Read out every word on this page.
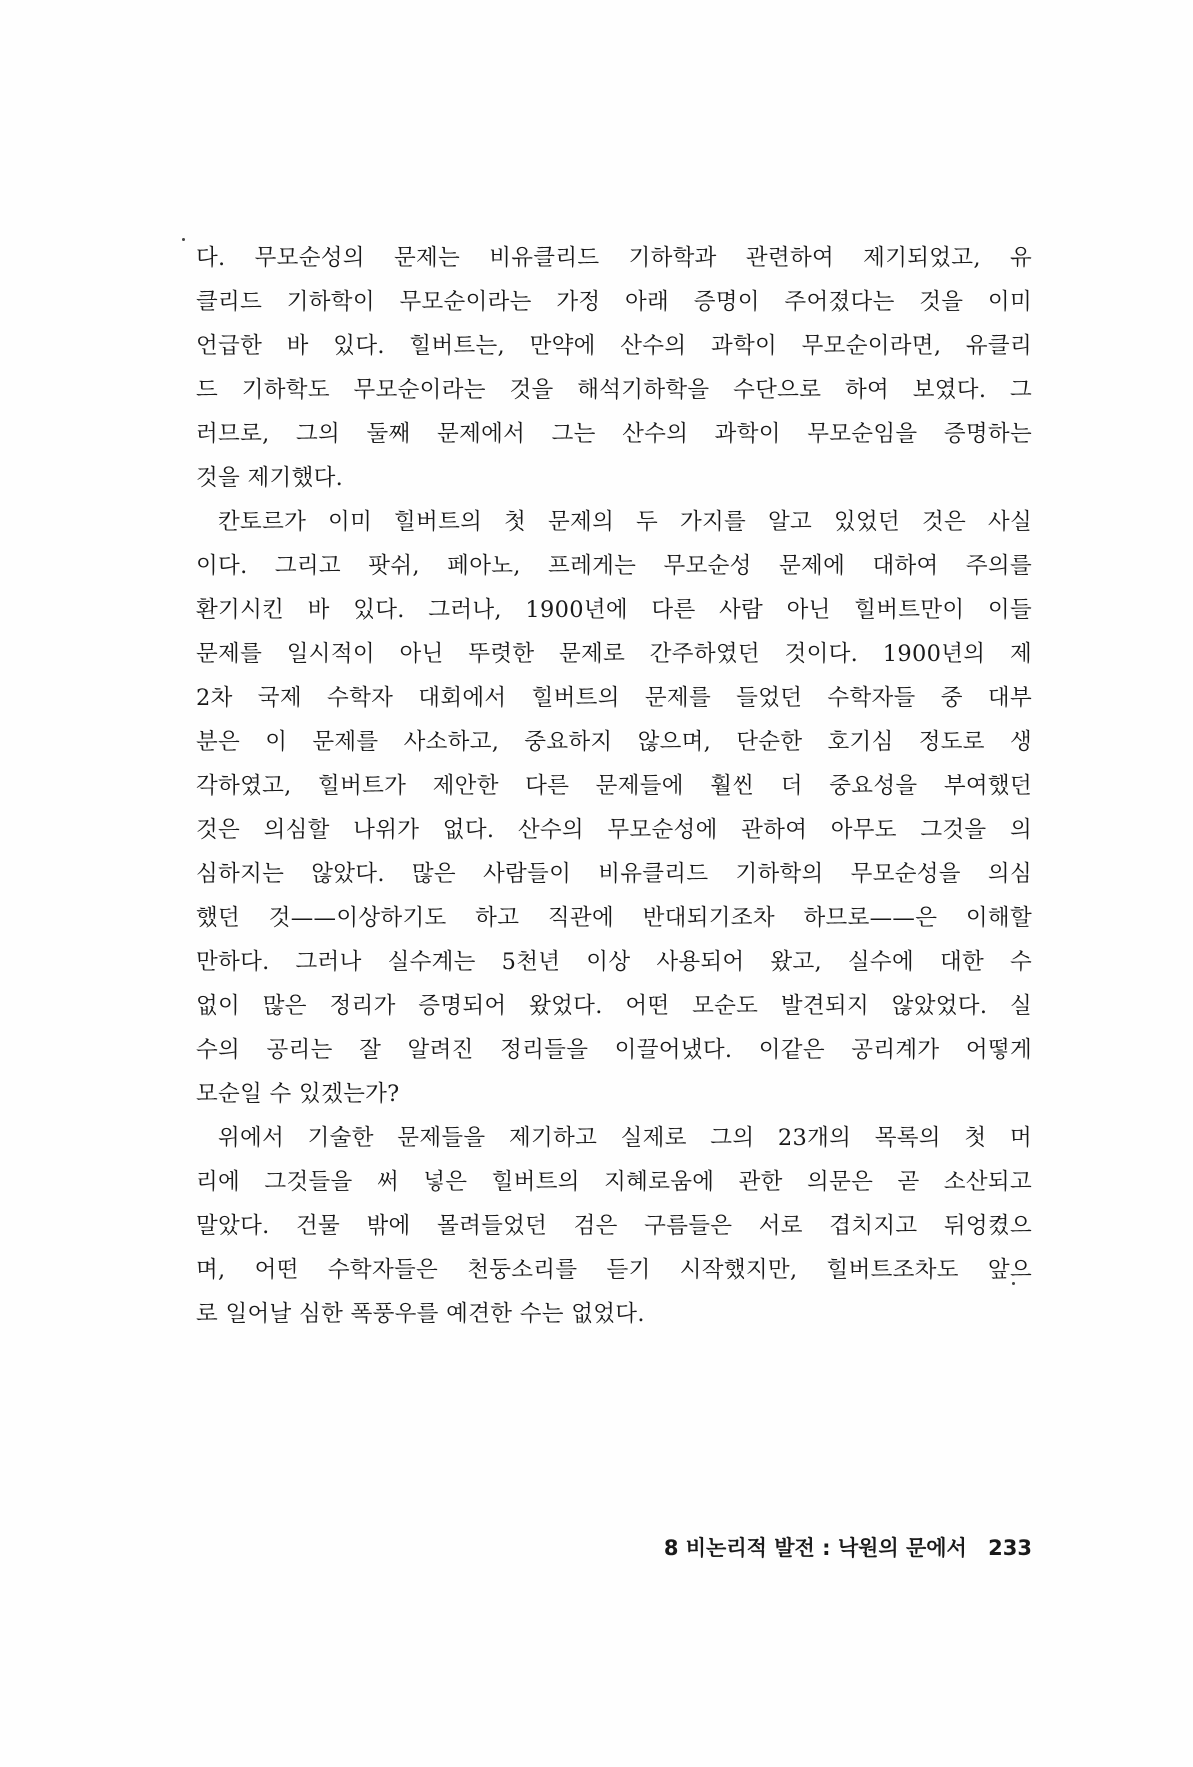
다. 무모순성의 문제는 비유클리드 기하학과 관련하여 제기되었고, 유
클리드 기하학이 무모순이라는 가정 아래 증명이 주어졌다는 것을 이미
언급한 바 있다. 힐버트는, 만약에 산수의 과학이 무모순이라면, 유클리
드 기하학도 무모순이라는 것을 해석기하학을 수단으로 하여 보였다. 그
러므로, 그의 둘째 문제에서 그는 산수의 과학이 무모순임을 증명하는
것을 제기했다.
칸토르가 이미 힐버트의 첫 문제의 두 가지를 알고 있었던 것은 사실
이다. 그리고 팟쉬, 페아노, 프레게는 무모순성 문제에 대하여 주의를
환기시킨 바 있다. 그러나, 1900년에 다른 사람 아닌 힐버트만이 이들
문제를 일시적이 아닌 뚜렷한 문제로 간주하였던 것이다. 1900년의 제
2차 국제 수학자 대회에서 힐버트의 문제를 들었던 수학자들 중 대부
분은 이 문제를 사소하고, 중요하지 않으며, 단순한 호기심 정도로 생
각하였고, 힐버트가 제안한 다른 문제들에 훨씬 더 중요성을 부여했던
것은 의심할 나위가 없다. 산수의 무모순성에 관하여 아무도 그것을 의
심하지는 않았다. 많은 사람들이 비유클리드 기하학의 무모순성을 의심
했던 것——이상하기도 하고 직관에 반대되기조차 하므로——은 이해할
만하다. 그러나 실수계는 5천년 이상 사용되어 왔고, 실수에 대한 수
없이 많은 정리가 증명되어 왔었다. 어떤 모순도 발견되지 않았었다. 실
수의 공리는 잘 알려진 정리들을 이끌어냈다. 이같은 공리계가 어떻게
모순일 수 있겠는가?
위에서 기술한 문제들을 제기하고 실제로 그의 23개의 목록의 첫 머
리에 그것들을 써 넣은 힐버트의 지혜로움에 관한 의문은 곧 소산되고
말았다. 건물 밖에 몰려들었던 검은 구름들은 서로 겹치지고 뒤엉켰으
며, 어떤 수학자들은 천둥소리를 듣기 시작했지만, 힐버트조차도 앞으
로 일어날 심한 폭풍우를 예견한 수는 없었다.
8 비논리적 발전 : 낙원의 문에서 233
